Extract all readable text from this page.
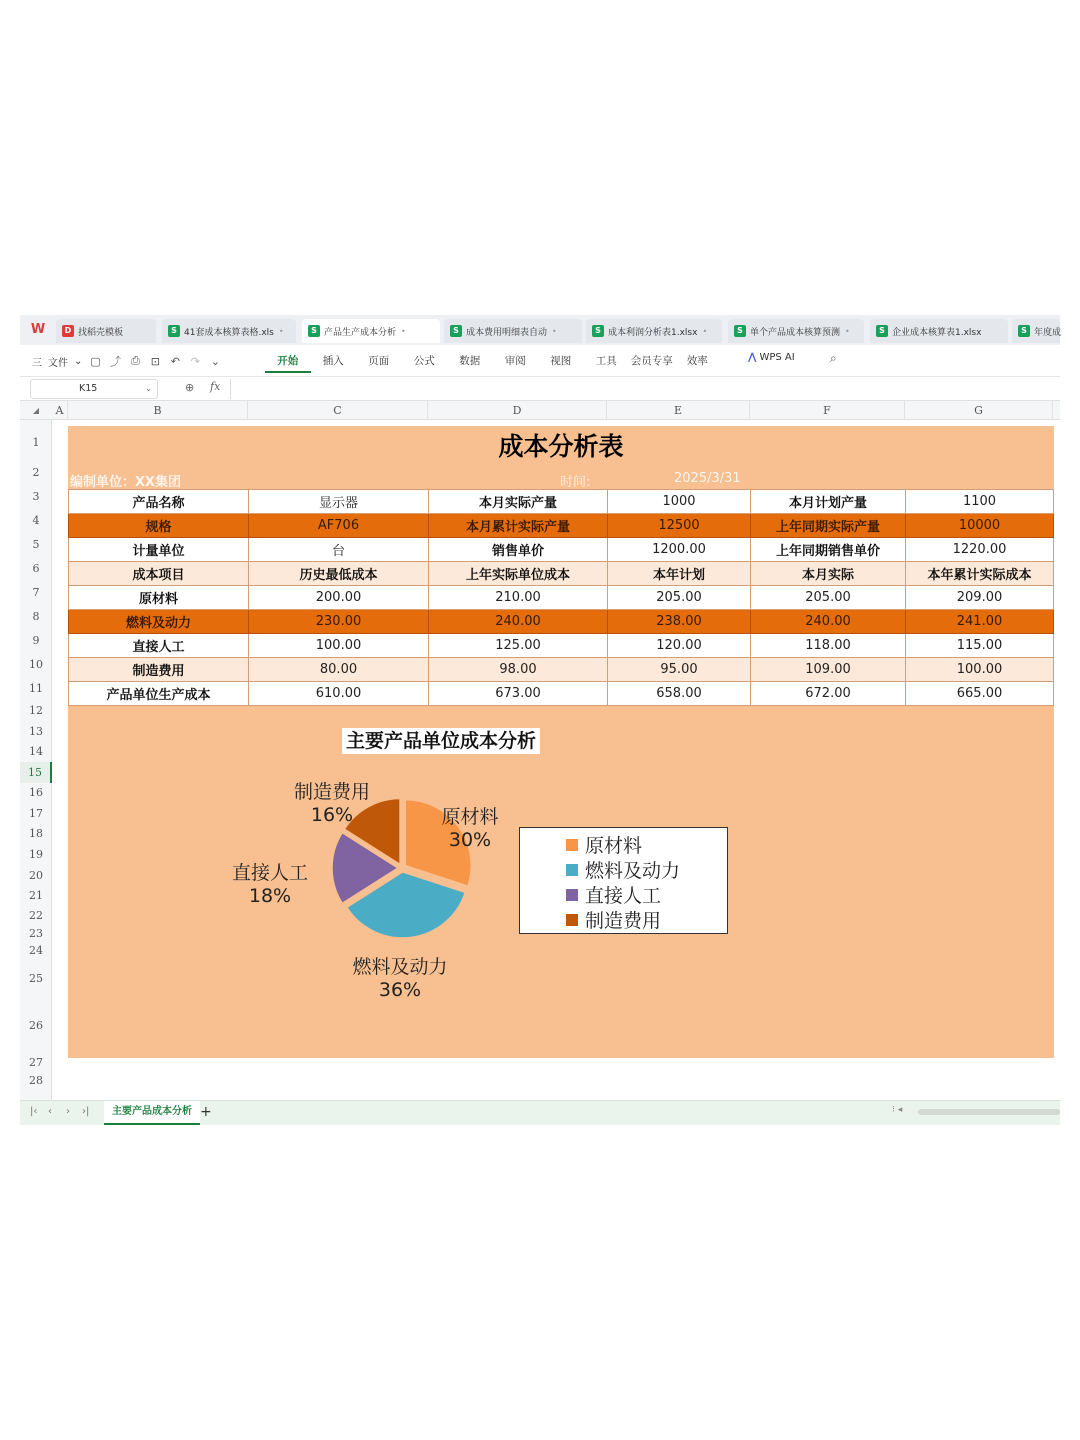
W	D 找稻壳模板	S 41套成本核算表格.xls •	S 产品生产成本分析 •	S 成本费用明细表自动 •	S 成本利润分析表1.xlsx •	S 单个产品成本核算预测 •	S 企业成本核算表1.xlsx	S 年度成
三 文件 ⌄ ▢ ⤴ ⎙ ⊡ ↶ ↷ ⌄	开始	插入	页面	公式	数据	审阅	视图	工具	会员专享	效率	⋀ WPS AI	⌕
K15	⌄	⊕ fx
◢	A	B	C	D	E	F	G
1
2
3
4
5
6
7
8
9
10
11
12
13
14
15
16
17
18
19
20
21
22
23
24
25
26
27
28
成本分析表
编制单位：XX集团	时间:	2025/3/31
产品名称	显示器	本月实际产量	1000	本月计划产量	1100
规格	AF706	本月累计实际产量	12500	上年同期实际产量	10000
计量单位	台	销售单价	1200.00	上年同期销售单价	1220.00
成本项目	历史最低成本	上年实际单位成本	本年计划	本月实际	本年累计实际成本
原材料	200.00	210.00	205.00	205.00	209.00
燃料及动力	230.00	240.00	238.00	240.00	241.00
直接人工	100.00	125.00	120.00	118.00	115.00
制造费用	80.00	98.00	95.00	109.00	100.00
产品单位生产成本	610.00	673.00	658.00	672.00	665.00
主要产品单位成本分析
原材料
30%
燃料及动力
36%
直接人工
18%
制造费用
16%
原材料
燃料及动力
直接人工
制造费用
|‹ ‹ › ›|	主要产品成本分析 +	⁝ ◂
